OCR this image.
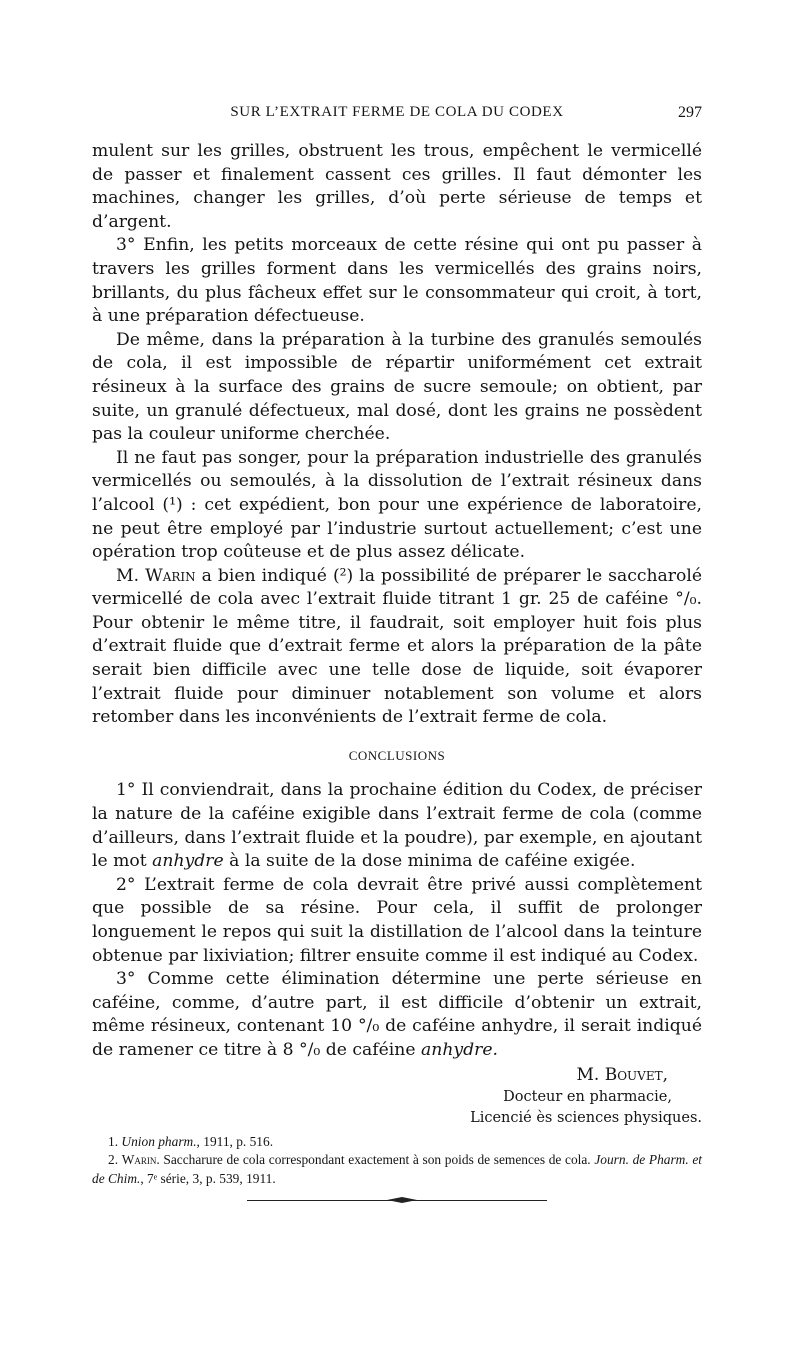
SUR L’EXTRAIT FERME DE COLA DU CODEX	297

mulent sur les grilles, obstruent les trous, empêchent le vermicellé de passer et finalement cassent ces grilles. Il faut démonter les machines, changer les grilles, d’où perte sérieuse de temps et d’argent.

3° Enfin, les petits morceaux de cette résine qui ont pu passer à travers les grilles forment dans les vermicellés des grains noirs, brillants, du plus fâcheux effet sur le consommateur qui croit, à tort, à une préparation défectueuse.

De même, dans la préparation à la turbine des granulés semoulés de cola, il est impossible de répartir uniformément cet extrait résineux à la surface des grains de sucre semoule; on obtient, par suite, un granulé défectueux, mal dosé, dont les grains ne possèdent pas la couleur uniforme cherchée.

Il ne faut pas songer, pour la préparation industrielle des granulés vermicellés ou semoulés, à la dissolution de l’extrait résineux dans l’alcool (¹) : cet expédient, bon pour une expérience de laboratoire, ne peut être employé par l’industrie surtout actuellement; c’est une opération trop coûteuse et de plus assez délicate.

M. Warin a bien indiqué (²) la possibilité de préparer le saccharolé vermicellé de cola avec l’extrait fluide titrant 1 gr. 25 de caféine °/₀. Pour obtenir le même titre, il faudrait, soit employer huit fois plus d’extrait fluide que d’extrait ferme et alors la préparation de la pâte serait bien difficile avec une telle dose de liquide, soit évaporer l’extrait fluide pour diminuer notablement son volume et alors retomber dans les inconvénients de l’extrait ferme de cola.

CONCLUSIONS

1° Il conviendrait, dans la prochaine édition du Codex, de préciser la nature de la caféine exigible dans l’extrait ferme de cola (comme d’ailleurs, dans l’extrait fluide et la poudre), par exemple, en ajoutant le mot anhydre à la suite de la dose minima de caféine exigée.

2° L’extrait ferme de cola devrait être privé aussi complètement que possible de sa résine. Pour cela, il suffit de prolonger longuement le repos qui suit la distillation de l’alcool dans la teinture obtenue par lixiviation; filtrer ensuite comme il est indiqué au Codex.

3° Comme cette élimination détermine une perte sérieuse en caféine, comme, d’autre part, il est difficile d’obtenir un extrait, même résineux, contenant 10 °/₀ de caféine anhydre, il serait indiqué de ramener ce titre à 8 °/₀ de caféine anhydre.

M. Bouvet,
Docteur en pharmacie,
Licencié ès sciences physiques.
1. Union pharm., 1911, p. 516.
2. Warin. Saccharure de cola correspondant exactement à son poids de semences de cola. Journ. de Pharm. et de Chim., 7ᵉ série, 3, p. 539, 1911.
